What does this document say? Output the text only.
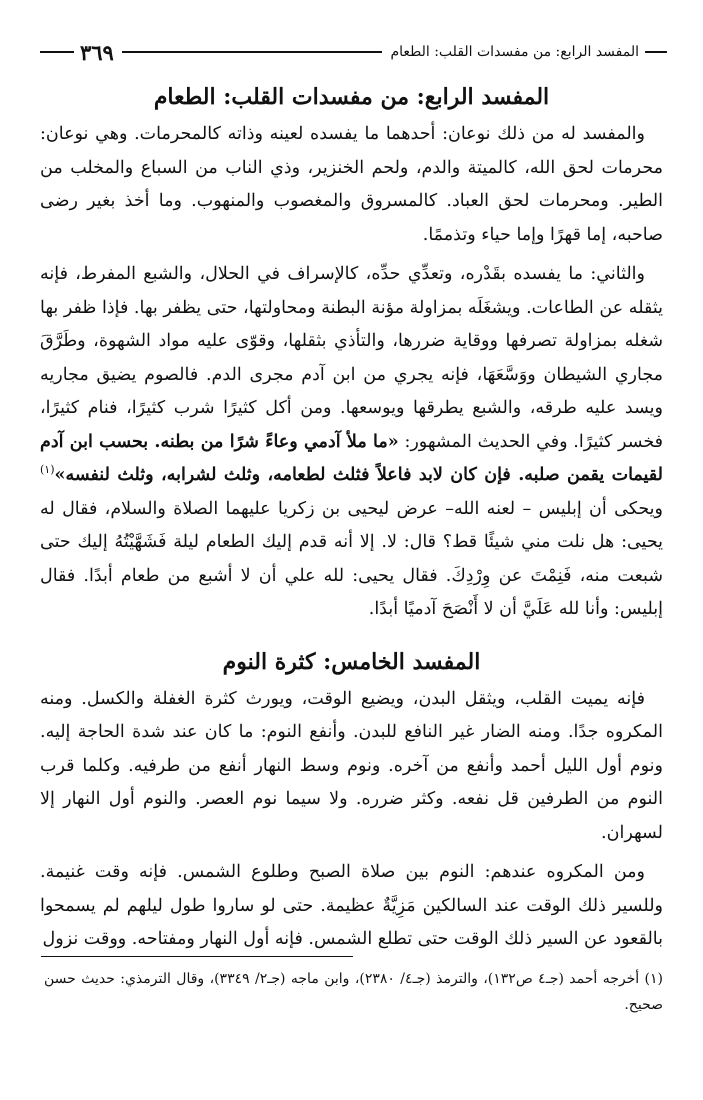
المفسد الرابع: من مفسدات القلب: الطعام
٣٦٩
المفسد الرابع: من مفسدات القلب: الطعام

والمفسد له من ذلك نوعان: أحدهما ما يفسده لعينه وذاته كالمحرمات. وهي نوعان: محرمات لحق الله، كالميتة والدم، ولحم الخنزير، وذي الناب من السباع والمخلب من الطير. ومحرمات لحق العباد. كالمسروق والمغصوب والمنهوب. وما أخذ بغير رضى صاحبه، إما قهرًا وإما حياء وتذممًا.

والثاني: ما يفسده بقَدْره، وتعدِّي حدِّه، كالإسراف في الحلال، والشبع المفرط، فإنه يثقله عن الطاعات. ويشغَلَه بمزاولة مؤنة البطنة ومحاولتها، حتى يظفر بها. فإذا ظفر بها شغله بمزاولة تصرفها ووقاية ضررها، والتأذي بثقلها، وقوّى عليه مواد الشهوة، وطَرَّقَ مجاري الشيطان ووَسَّعَهَا، فإنه يجري من ابن آدم مجرى الدم. فالصوم يضيق مجاريه ويسد عليه طرقه، والشبع يطرقها ويوسعها. ومن أكل كثيرًا شرب كثيرًا، فنام كثيرًا، فخسر كثيرًا. وفي الحديث المشهور: «ما ملأ آدمي وعاءً شرًا من بطنه. بحسب ابن آدم لقيمات يقمن صلبه. فإن كان لابد فاعلاً فثلث لطعامه، وثلث لشرابه، وثلث لنفسه»$^{(١)}$ ويحكى أن إبليس – لعنه الله– عرض ليحيى بن زكريا عليهما الصلاة والسلام، فقال له يحيى: هل نلت مني شيئًا قط؟ قال: لا. إلا أنه قدم إليك الطعام ليلة فَشَهَّيْتُهُ إليك حتى شبعت منه، فَنِمْتَ عن وِرْدِكَ. فقال يحيى: لله علي أن لا أشبع من طعام أبدًا. فقال إبليس: وأنا لله عَلَيَّ أن لا أَنْصَحَ آدميًا أبدًا.

المفسد الخامس: كثرة النوم

فإنه يميت القلب، ويثقل البدن، ويضيع الوقت، ويورث كثرة الغفلة والكسل. ومنه المكروه جدًا. ومنه الضار غير النافع للبدن. وأنفع النوم: ما كان عند شدة الحاجة إليه. ونوم أول الليل أحمد وأنفع من آخره. ونوم وسط النهار أنفع من طرفيه. وكلما قرب النوم من الطرفين قل نفعه. وكثر ضرره. ولا سيما نوم العصر. والنوم أول النهار إلا لسهران.

ومن المكروه عندهم: النوم بين صلاة الصبح وطلوع الشمس. فإنه وقت غنيمة. وللسير ذلك الوقت عند السالكين مَزِيَّةٌ عظيمة. حتى لو ساروا طول ليلهم لم يسمحوا بالقعود عن السير ذلك الوقت حتى تطلع الشمس. فإنه أول النهار ومفتاحه. ووقت نزول

(١) أخرجه أحمد (جـ٤ ص١٣٢)، والترمذ (جـ٤/ ٢٣٨٠)، وابن ماجه (جـ٢/ ٣٣٤٩)، وقال الترمذي: حديث حسن صحيح.
